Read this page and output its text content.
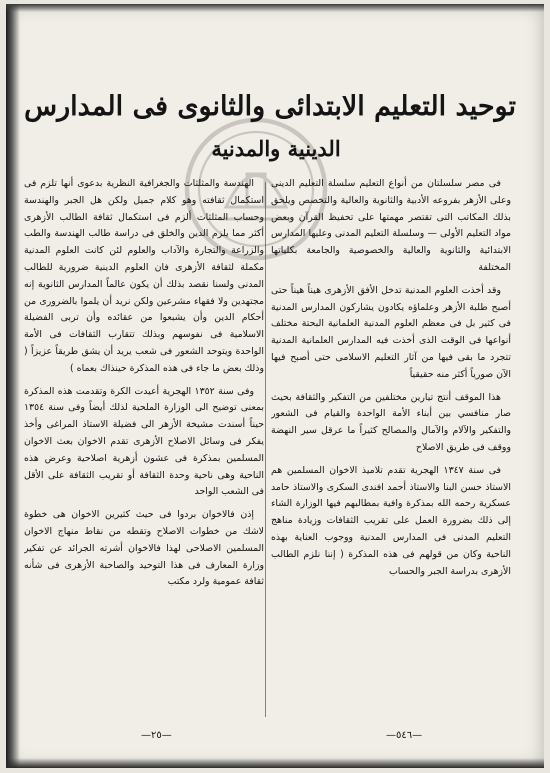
توحيد التعليم الابتدائى والثانوى فى المدارس
الدينية والمدنية

فى مصر سلسلتان من أنواع التعليم سلسلة التعليم الدينى وعلى الأزهر بفروعه الأدبية والثانوية والعالية والتخصص ويلحق بذلك المكاتب التى تقتصر مهمتها على تحفيظ القرآن وبعض مواد التعليم الأولى — وسلسلة التعليم المدنى وعليها المدارس الابتدائية والثانوية والعالية والخصوصية والجامعة بكلياتها المختلفة

وقد أخذت العلوم المدنية تدخل الأفق الأزهرى هيناً هيناً حتى أصبح طلبة الأزهر وعلماؤه يكادون يشاركون المدارس المدنية فى كثير بل فى معظم العلوم المدنية العلمانية البحتة مختلف أنواعها فى الوقت الذى أخذت فيه المدارس العلمانية المدنية تتجرد ما بقى فيها من آثار التعليم الاسلامى حتى أصبح فيها الآن صورياً أكثر منه حقيقياً

هذا الموقف أنتج تيارين مختلفين من التفكير والثقافة بحيث صار منافسي بين أبناء الأمة الواحدة والقيام فى الشعور والتفكير والآلام والآمال والمصالح كثيراً ما عرقل سير النهضة ووقف فى طريق الاصلاح

فى سنة ١٣٤٧ الهجرية تقدم تلاميذ الاخوان المسلمين هم الاستاذ حسن البنا والاستاذ أحمد افندى السكرى والاستاذ حامد عسكرية رحمه الله بمذكرة وافية بمطالبهم فيها الوزارة الشاء إلى ذلك بضرورة العمل على تقريب الثقافات وزيادة مناهج التعليم المدنى فى المدارس المدنية ووجوب العناية بهذه الناحية وكان من قولهم فى هذه المذكرة ( إننا نلزم الطالب الأزهرى بدراسة الجبر والحساب

الهندسة والمثلثات والجغرافية النظرية بدعوى أنها تلزم فى استكمال ثقافته وهو كلام جميل ولكن هل الجبر والهندسة وحساب المثلثات ألزم فى استكمال ثقافة الطالب الأزهرى أكثر مما يلزم الدين والخلق فى دراسة طالب الهندسة والطب والزراعة والتجارة والآداب والعلوم لئن كانت العلوم المدنية مكملة لثقافة الأزهرى فان العلوم الدينية ضرورية للطالب المدنى ولسنا نقصد بذلك أن يكون عالماً المدارس الثانوية إنه مجتهدين ولا فقهاء مشرعين ولكن نريد أن يلموا بالضرورى من أحكام الدين وأن يشبعوا من عقائده وأن تربى الفضيلة الاسلامية فى نفوسهم وبذلك تتقارب الثقافات فى الأمة الواحدة ويتوحد الشعور فى شعب يريد أن يشق طريقاً عزيزاً ( وذلك بعض ما جاء فى هذه المذكرة حينذاك بعماه )

وفى سنة ١٣٥٢ الهجرية أعيدت الكرة وتقدمت هذه المذكرة بمعنى توضيح الى الوزارة الملحية لذلك أيضاً وفى سنة ١٣٥٤ حيناً أسندت مشيخة الأزهر الى فضيلة الاستاذ المراغى وأخذ يفكر فى وسائل الاصلاح الأزهرى تقدم الاخوان بعث الاخوان المسلمين بمذكرة فى عشون أزهرية اصلاحية وعرض هذه الناحية وهى ناحية وحدة الثقافة أو تقريب الثقافة على الأقل فى الشعب الواحد

إذن فالاخوان بردوا فى حيث كثيرين الاخوان هى خطوة لاشك من خطوات الاصلاح وتقطه من نقاط منهاج الاخوان المسلمين الاصلاحى لهذا فالاخوان أشرته الجرائد عن تفكير وزارة المعارف فى هذا التوحيد والصاحبة الأزهرى فى شأنه ثقافة عمومية ولرد مكتب

—٥٤٦—
—٢٥—
